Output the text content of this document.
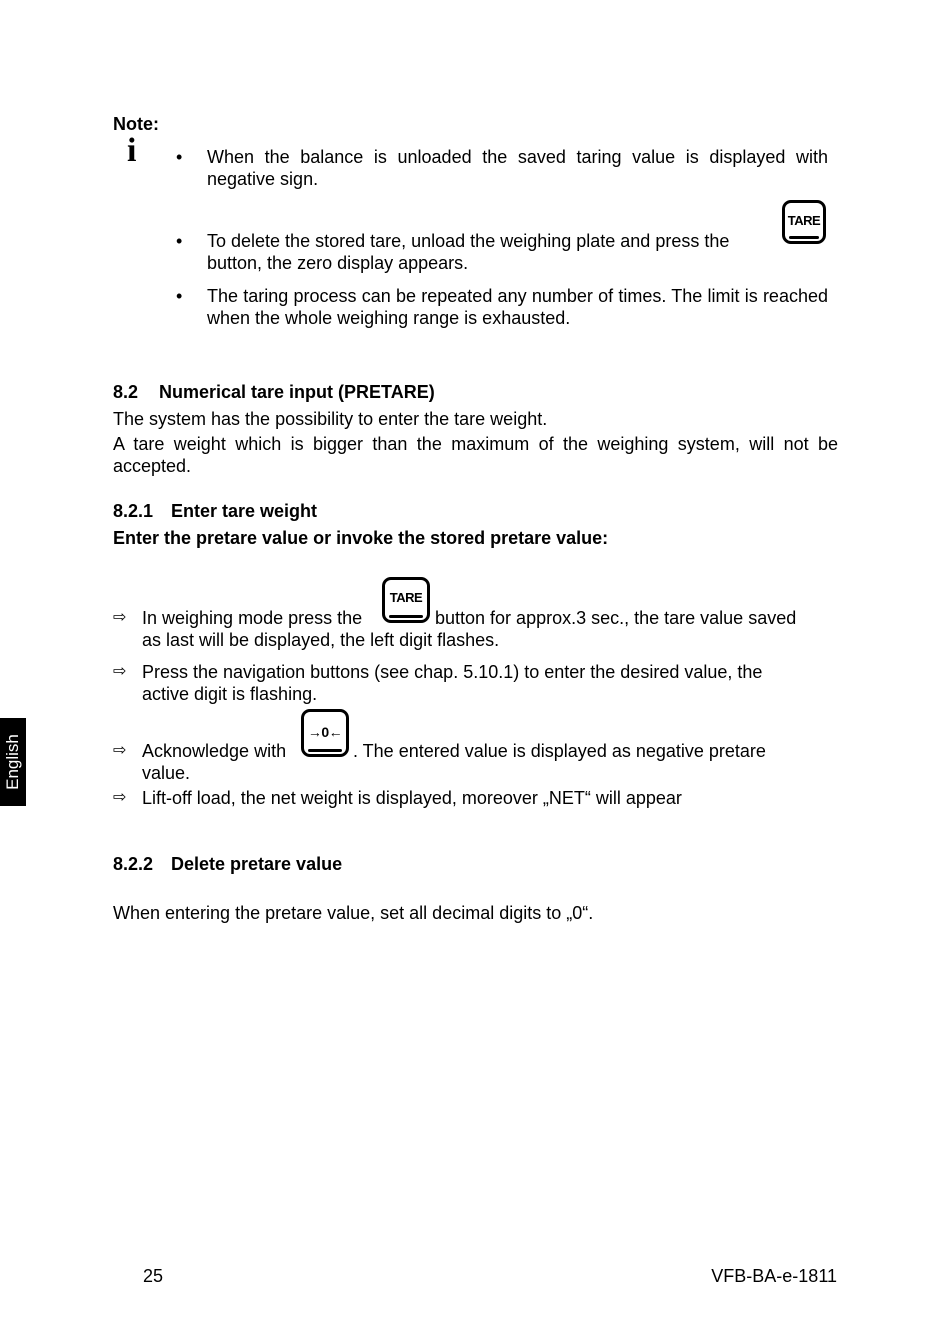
Note:
i •	When the balance is unloaded the saved taring value is displayed with negative sign.
•	To delete the stored tare, unload the weighing plate and press the
TARE
button, the zero display appears.
•	The taring process can be repeated any number of times. The limit is reached when the whole weighing range is exhausted.
8.2 Numerical tare input (PRETARE)
The system has the possibility to enter the tare weight.
A tare weight which is bigger than the maximum of the weighing system, will not be accepted.
8.2.1 Enter tare weight
Enter the pretare value or invoke the stored pretare value:
⇨ In weighing mode press the
TARE
button for approx.3 sec., the tare value saved
as last will be displayed, the left digit flashes.
⇨ Press the navigation buttons (see chap. 5.10.1) to enter the desired value, the active digit is flashing.
⇨ Acknowledge with
→0←
. The entered value is displayed as negative pretare
value.
⇨ Lift-off load, the net weight is displayed, moreover „NET“ will appear
8.2.2 Delete pretare value
When entering the pretare value, set all decimal digits to „0“.
English
25	VFB-BA-e-1811
